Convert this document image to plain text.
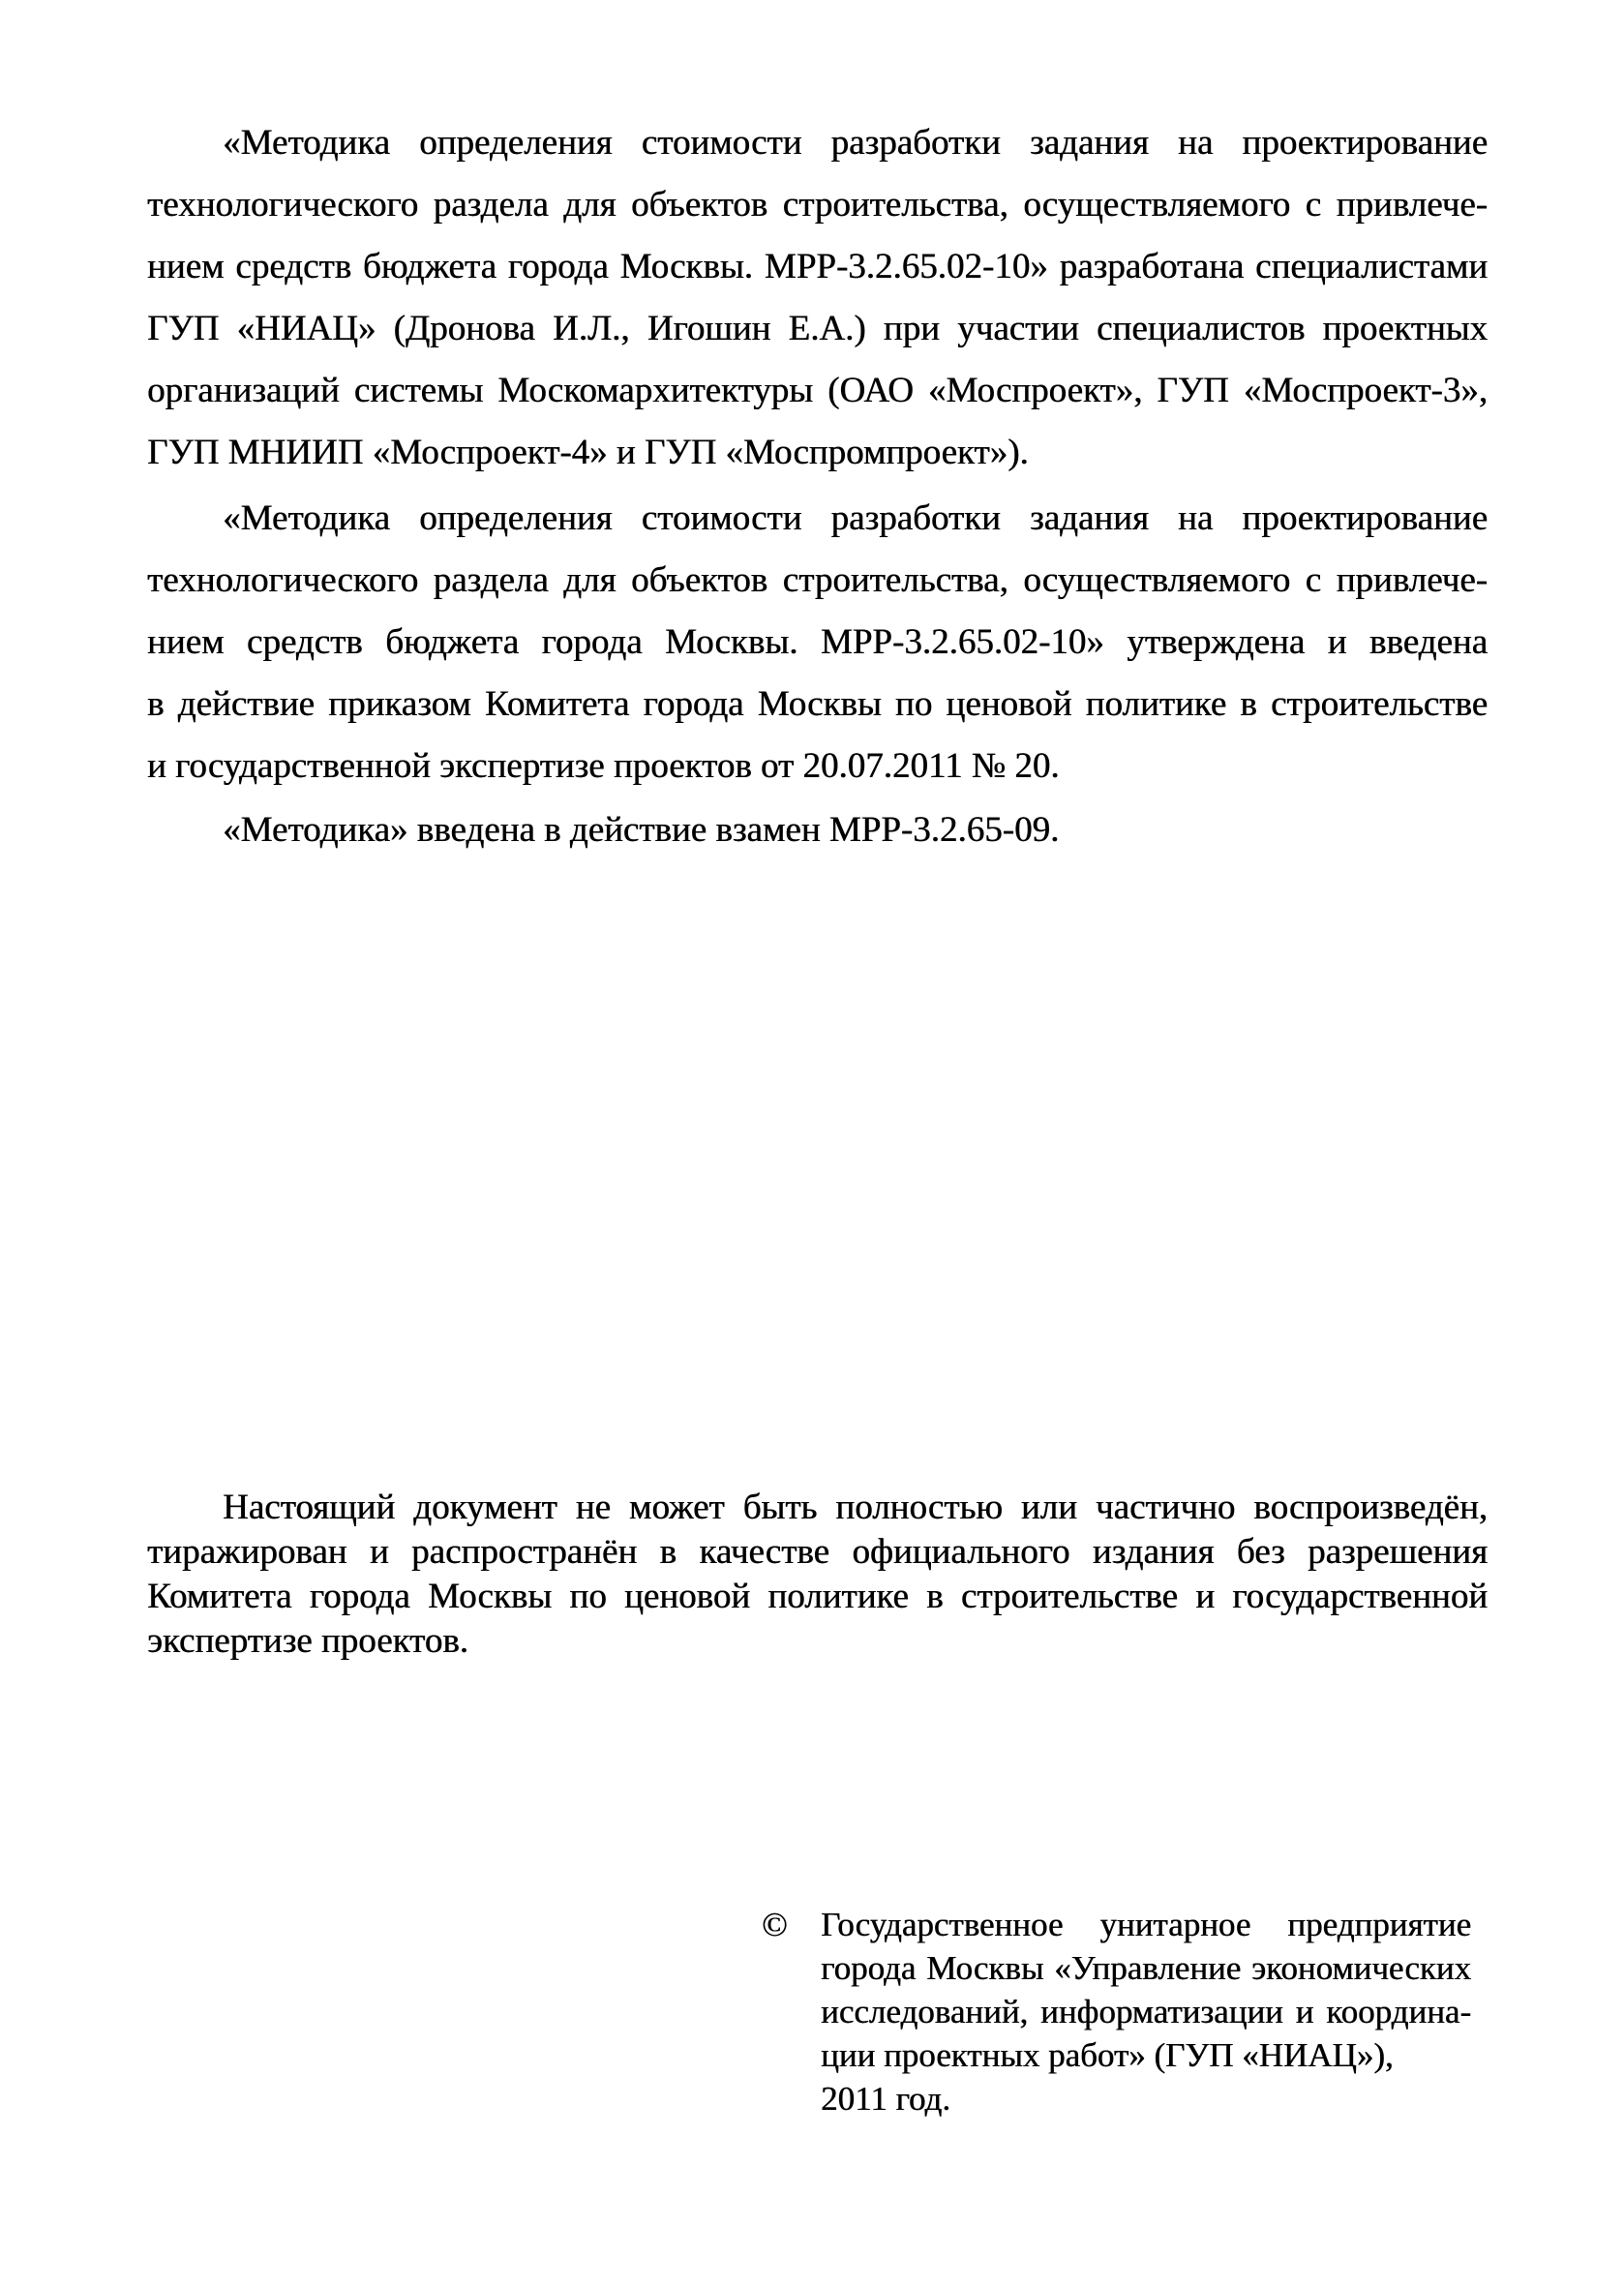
«Методика определения стоимости разработки задания на проектирование
технологического раздела для объектов строительства, осуществляемого с привлече-
нием средств бюджета города Москвы. МРР-3.2.65.02-10» разработана специалистами
ГУП «НИАЦ» (Дронова И.Л., Игошин Е.А.) при участии специалистов проектных
организаций системы Москомархитектуры (ОАО «Моспроект», ГУП «Моспроект-3»,
ГУП МНИИП «Моспроект-4» и ГУП «Моспромпроект»).
«Методика определения стоимости разработки задания на проектирование
технологического раздела для объектов строительства, осуществляемого с привлече-
нием средств бюджета города Москвы. МРР-3.2.65.02-10» утверждена и введена
в действие приказом Комитета города Москвы по ценовой политике в строительстве
и государственной экспертизе проектов от 20.07.2011 № 20.
«Методика» введена в действие взамен МРР-3.2.65-09.
Настоящий документ не может быть полностью или частично воспроизведён,
тиражирован и распространён в качестве официального издания без разрешения
Комитета города Москвы по ценовой политике в строительстве и государственной
экспертизе проектов.
© Государственное унитарное предприятие
города Москвы «Управление экономических
исследований, информатизации и координа-
ции проектных работ» (ГУП «НИАЦ»),
2011 год.
